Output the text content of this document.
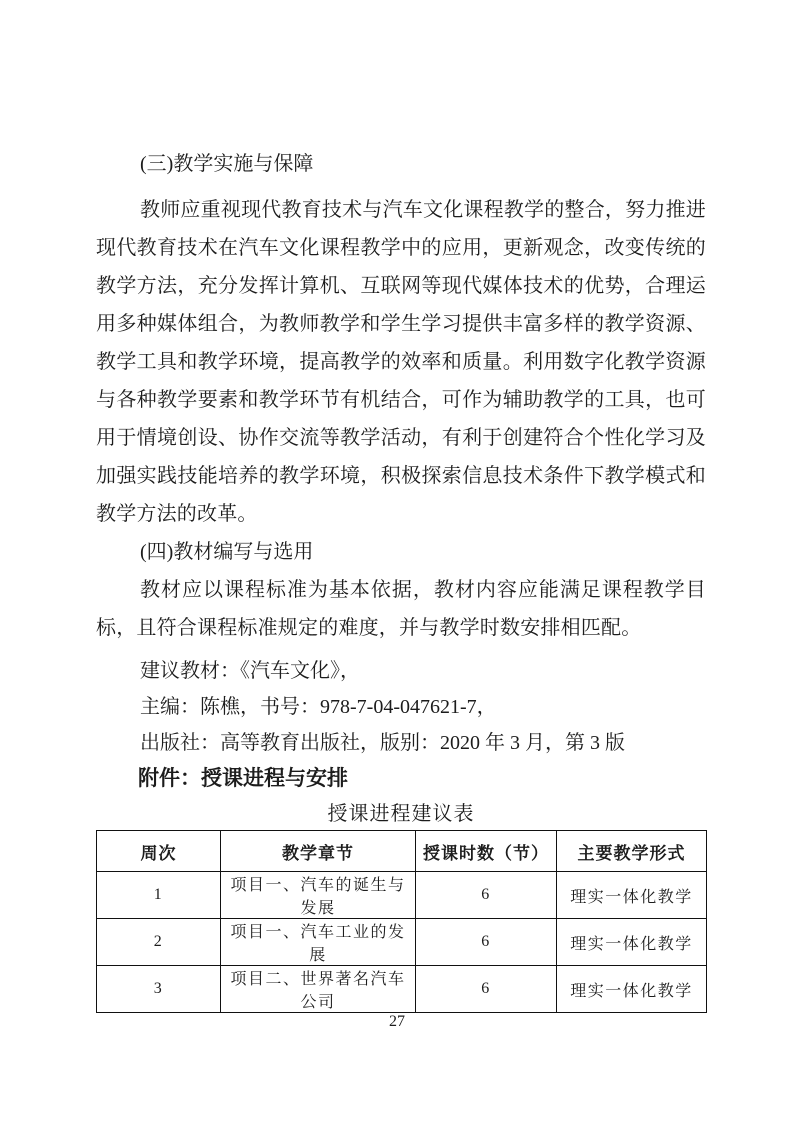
(三)教学实施与保障

教师应重视现代教育技术与汽车文化课程教学的整合，努力推进现代教育技术在汽车文化课程教学中的应用，更新观念，改变传统的教学方法，充分发挥计算机、互联网等现代媒体技术的优势，合理运用多种媒体组合，为教师教学和学生学习提供丰富多样的教学资源、教学工具和教学环境，提高教学的效率和质量。利用数字化教学资源与各种教学要素和教学环节有机结合，可作为辅助教学的工具，也可用于情境创设、协作交流等教学活动，有利于创建符合个性化学习及加强实践技能培养的教学环境，积极探索信息技术条件下教学模式和教学方法的改革。

(四)教材编写与选用

教材应以课程标准为基本依据，教材内容应能满足课程教学目标，且符合课程标准规定的难度，并与教学时数安排相匹配。

建议教材：《汽车文化》，
主编：陈樵，书号：978-7-04-047621-7，
出版社：高等教育出版社，版别：2020 年 3 月，第 3 版
附件：授课进程与安排
授课进程建议表
周次	教学章节	授课时数（节）	主要教学形式
1	项目一、汽车的诞生与发展	6	理实一体化教学
2	项目一、汽车工业的发展	6	理实一体化教学
3	项目二、世界著名汽车公司	6	理实一体化教学
27
